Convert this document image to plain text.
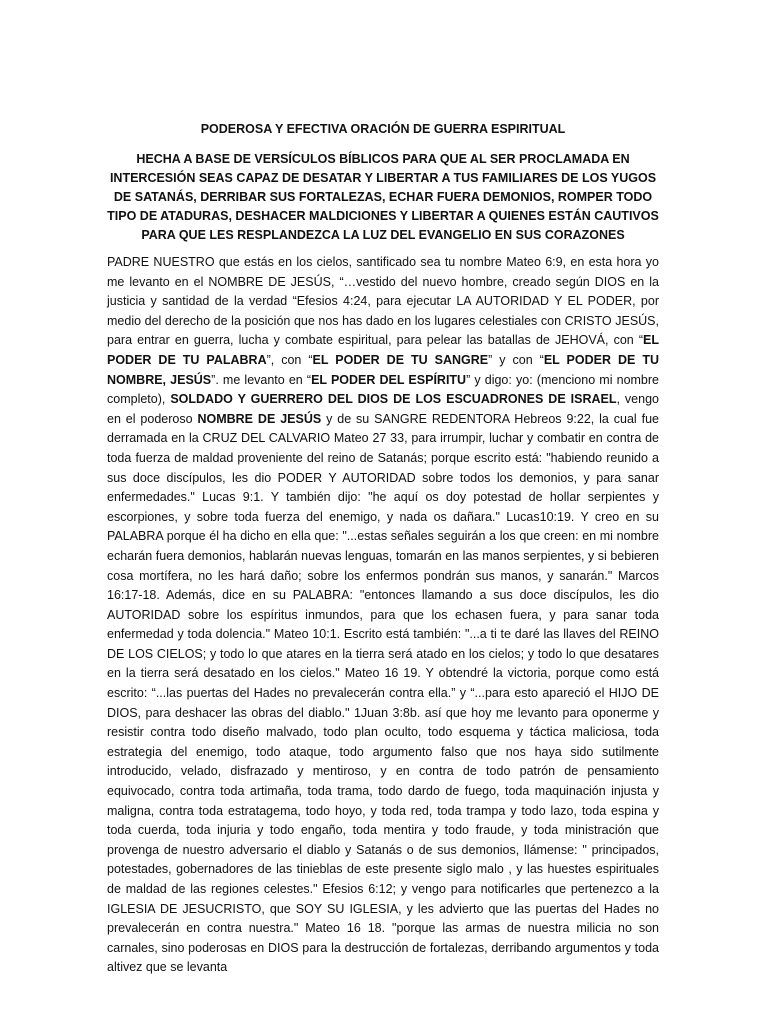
PODEROSA Y EFECTIVA ORACIÓN DE GUERRA ESPIRITUAL
HECHA A BASE DE VERSÍCULOS BÍBLICOS PARA QUE AL SER PROCLAMADA EN INTERCESIÓN SEAS CAPAZ DE DESATAR Y LIBERTAR A TUS FAMILIARES DE LOS YUGOS DE SATANÁS, DERRIBAR SUS FORTALEZAS, ECHAR FUERA DEMONIOS, ROMPER TODO TIPO DE ATADURAS, DESHACER MALDICIONES Y LIBERTAR A QUIENES ESTÁN CAUTIVOS PARA QUE LES RESPLANDEZCA LA LUZ DEL EVANGELIO EN SUS CORAZONES

PADRE NUESTRO que estás en los cielos, santificado sea tu nombre Mateo 6:9, en esta hora yo me levanto en el NOMBRE DE JESÚS, “…vestido del nuevo hombre, creado según DIOS en la justicia y santidad de la verdad “Efesios 4:24, para ejecutar LA AUTORIDAD Y EL PODER, por medio del derecho de la posición que nos has dado en los lugares celestiales con CRISTO JESÚS, para entrar en guerra, lucha y combate espiritual, para pelear las batallas de JEHOVÁ, con “EL PODER DE TU PALABRA”, con “EL PODER DE TU SANGRE” y con “EL PODER DE TU NOMBRE, JESÚS”. me levanto en “EL PODER DEL ESPÍRITU” y digo: yo: (menciono mi nombre completo), SOLDADO Y GUERRERO DEL DIOS DE LOS ESCUADRONES DE ISRAEL, vengo en el poderoso NOMBRE DE JESÚS y de su SANGRE REDENTORA Hebreos 9:22, la cual fue derramada en la CRUZ DEL CALVARIO Mateo 27 33, para irrumpir, luchar y combatir en contra de toda fuerza de maldad proveniente del reino de Satanás; porque escrito está: "habiendo reunido a sus doce discípulos, les dio PODER Y AUTORIDAD sobre todos los demonios, y para sanar enfermedades." Lucas 9:1. Y también dijo: "he aquí os doy potestad de hollar serpientes y escorpiones, y sobre toda fuerza del enemigo, y nada os dañara." Lucas10:19. Y creo en su PALABRA porque él ha dicho en ella que: "...estas señales seguirán a los que creen: en mi nombre echarán fuera demonios, hablarán nuevas lenguas, tomarán en las manos serpientes, y si bebieren cosa mortífera, no les hará daño; sobre los enfermos pondrán sus manos, y sanarán." Marcos 16:17-18. Además, dice en su PALABRA: "entonces llamando a sus doce discípulos, les dio AUTORIDAD sobre los espíritus inmundos, para que los echasen fuera, y para sanar toda enfermedad y toda dolencia." Mateo 10:1. Escrito está también: "...a ti te daré las llaves del REINO DE LOS CIELOS; y todo lo que atares en la tierra será atado en los cielos; y todo lo que desatares en la tierra será desatado en los cielos." Mateo 16 19. Y obtendré la victoria, porque como está escrito: “...las puertas del Hades no prevalecerán contra ella.” y “...para esto apareció el HIJO DE DIOS, para deshacer las obras del diablo." 1Juan 3:8b. así que hoy me levanto para oponerme y resistir contra todo diseño malvado, todo plan oculto, todo esquema y táctica maliciosa, toda estrategia del enemigo, todo ataque, todo argumento falso que nos haya sido sutilmente introducido, velado, disfrazado y mentiroso, y en contra de todo patrón de pensamiento equivocado, contra toda artimaña, toda trama, todo dardo de fuego, toda maquinación injusta y maligna, contra toda estratagema, todo hoyo, y toda red, toda trampa y todo lazo, toda espina y toda cuerda, toda injuria y todo engaño, toda mentira y todo fraude, y toda ministración que provenga de nuestro adversario el diablo y Satanás o de sus demonios, llámense: " principados, potestades, gobernadores de las tinieblas de este presente siglo malo , y las huestes espirituales de maldad de las regiones celestes." Efesios 6:12; y vengo para notificarles que pertenezco a la IGLESIA DE JESUCRISTO, que SOY SU IGLESIA, y les advierto que las puertas del Hades no prevalecerán en contra nuestra." Mateo 16 18. "porque las armas de nuestra milicia no son carnales, sino poderosas en DIOS para la destrucción de fortalezas, derribando argumentos y toda altivez que se levanta
